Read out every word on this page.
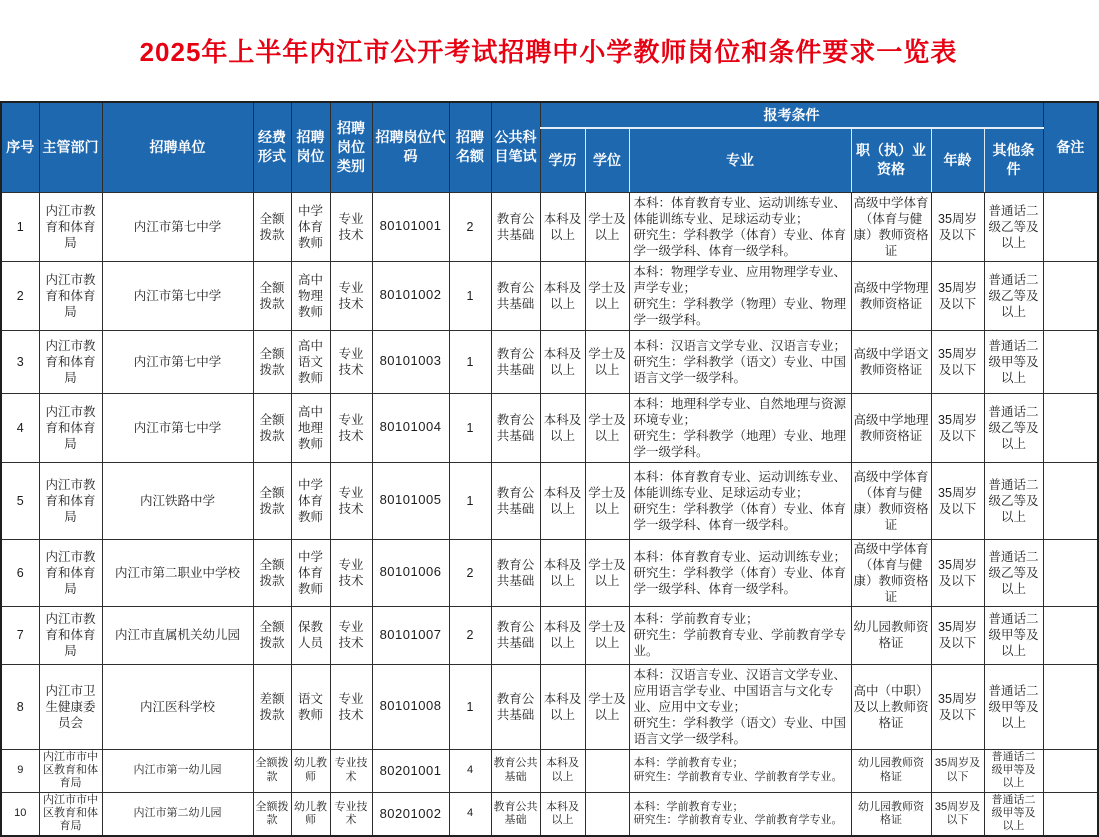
2025年上半年内江市公开考试招聘中小学教师岗位和条件要求一览表
序号	主管部门	招聘单位	经费形式	招聘岗位	招聘岗位类别	招聘岗位代码	招聘名额	公共科目笔试	报考条件						备注
									学历	学位	专业	职（执）业资格	年龄	其他条件	
1	内江市教育和体育局	内江市第七中学	全额拨款	中学体育教师	专业技术	80101001	2	教育公共基础	本科及以上	学士及以上	本科：体育教育专业、运动训练专业、体能训练专业、足球运动专业；
研究生：学科教学（体育）专业、体育学一级学科、体育一级学科。	高级中学体育（体育与健康）教师资格证	35周岁及以下	普通话二级乙等及以上	
2	内江市教育和体育局	内江市第七中学	全额拨款	高中物理教师	专业技术	80101002	1	教育公共基础	本科及以上	学士及以上	本科：物理学专业、应用物理学专业、声学专业；
研究生：学科教学（物理）专业、物理学一级学科。	高级中学物理教师资格证	35周岁及以下	普通话二级乙等及以上	
3	内江市教育和体育局	内江市第七中学	全额拨款	高中语文教师	专业技术	80101003	1	教育公共基础	本科及以上	学士及以上	本科：汉语言文学专业、汉语言专业；
研究生：学科教学（语文）专业、中国语言文学一级学科。	高级中学语文教师资格证	35周岁及以下	普通话二级甲等及以上	
4	内江市教育和体育局	内江市第七中学	全额拨款	高中地理教师	专业技术	80101004	1	教育公共基础	本科及以上	学士及以上	本科：地理科学专业、自然地理与资源环境专业；
研究生：学科教学（地理）专业、地理学一级学科。	高级中学地理教师资格证	35周岁及以下	普通话二级乙等及以上	
5	内江市教育和体育局	内江铁路中学	全额拨款	中学体育教师	专业技术	80101005	1	教育公共基础	本科及以上	学士及以上	本科：体育教育专业、运动训练专业、体能训练专业、足球运动专业；
研究生：学科教学（体育）专业、体育学一级学科、体育一级学科。	高级中学体育（体育与健康）教师资格证	35周岁及以下	普通话二级乙等及以上	
6	内江市教育和体育局	内江市第二职业中学校	全额拨款	中学体育教师	专业技术	80101006	2	教育公共基础	本科及以上	学士及以上	本科：体育教育专业、运动训练专业；
研究生：学科教学（体育）专业、体育学一级学科、体育一级学科。	高级中学体育（体育与健康）教师资格证	35周岁及以下	普通话二级乙等及以上	
7	内江市教育和体育局	内江市直属机关幼儿园	全额拨款	保教人员	专业技术	80101007	2	教育公共基础	本科及以上	学士及以上	本科：学前教育专业；
研究生：学前教育专业、学前教育学专业。	幼儿园教师资格证	35周岁及以下	普通话二级甲等及以上	
8	内江市卫生健康委员会	内江医科学校	差额拨款	语文教师	专业技术	80101008	1	教育公共基础	本科及以上	学士及以上	本科：汉语言专业、汉语言文学专业、应用语言学专业、中国语言与文化专业、应用中文专业；
研究生：学科教学（语文）专业、中国语言文学一级学科。	高中（中职）及以上教师资格证	35周岁及以下	普通话二级甲等及以上	
9	内江市市中区教育和体育局	内江市第一幼儿园	全额拨款	幼儿教师	专业技术	80201001	4	教育公共基础	本科及以上		本科：学前教育专业；
研究生：学前教育专业、学前教育学专业。	幼儿园教师资格证	35周岁及以下	普通话二级甲等及以上	
10	内江市市中区教育和体育局	内江市第二幼儿园	全额拨款	幼儿教师	专业技术	80201002	4	教育公共基础	本科及以上		本科：学前教育专业；
研究生：学前教育专业、学前教育学专业。	幼儿园教师资格证	35周岁及以下	普通话二级甲等及以上	
